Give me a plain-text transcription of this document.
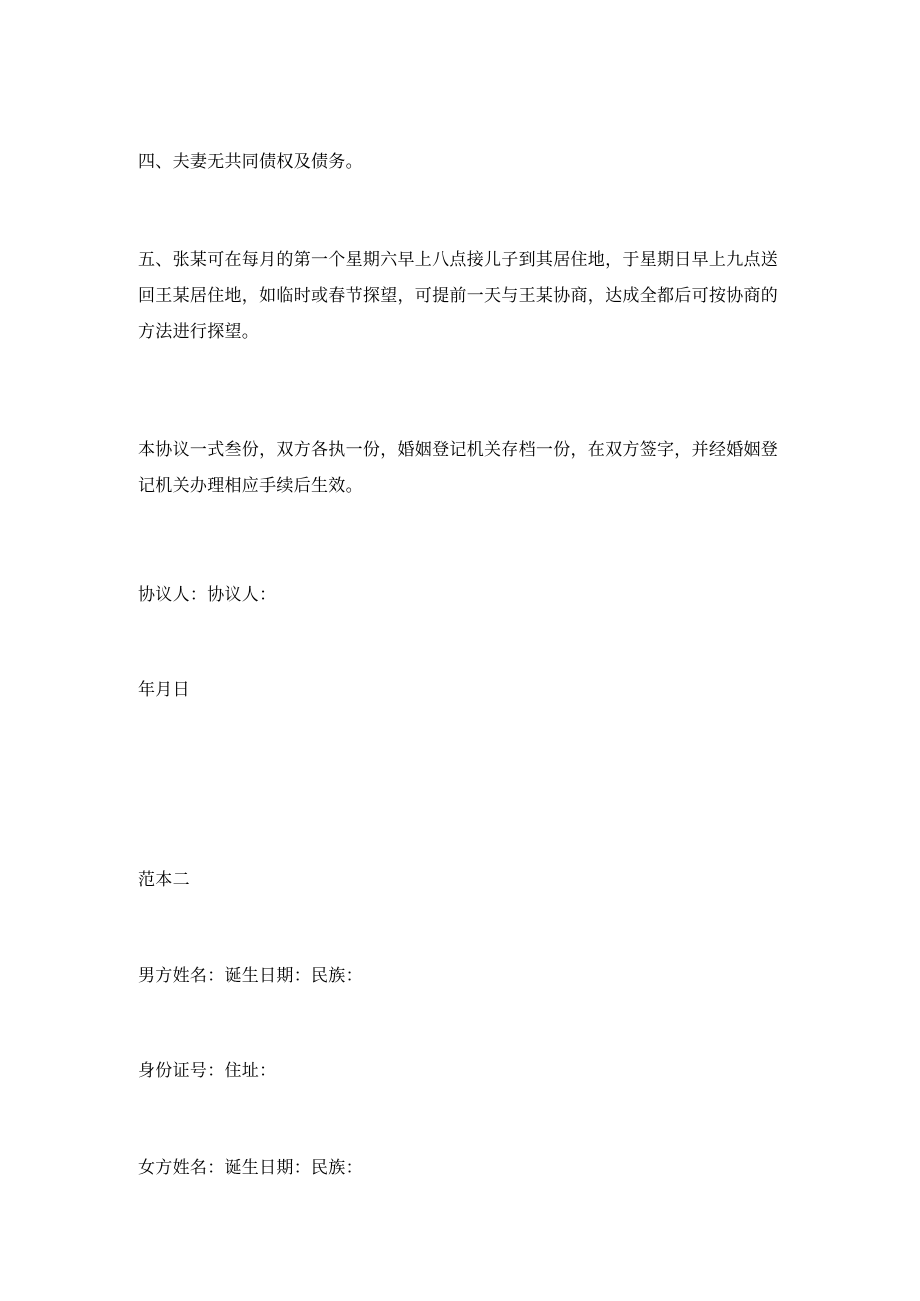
四、夫妻无共同债权及债务。

五、张某可在每月的第一个星期六早上八点接儿子到其居住地，于星期日早上九点送回王某居住地，如临时或春节探望，可提前一天与王某协商，达成全都后可按协商的方法进行探望。

本协议一式叁份，双方各执一份，婚姻登记机关存档一份，在双方签字，并经婚姻登记机关办理相应手续后生效。

协议人：协议人：

年月日

范本二

男方姓名：诞生日期：民族：

身份证号：住址：

女方姓名：诞生日期：民族：
